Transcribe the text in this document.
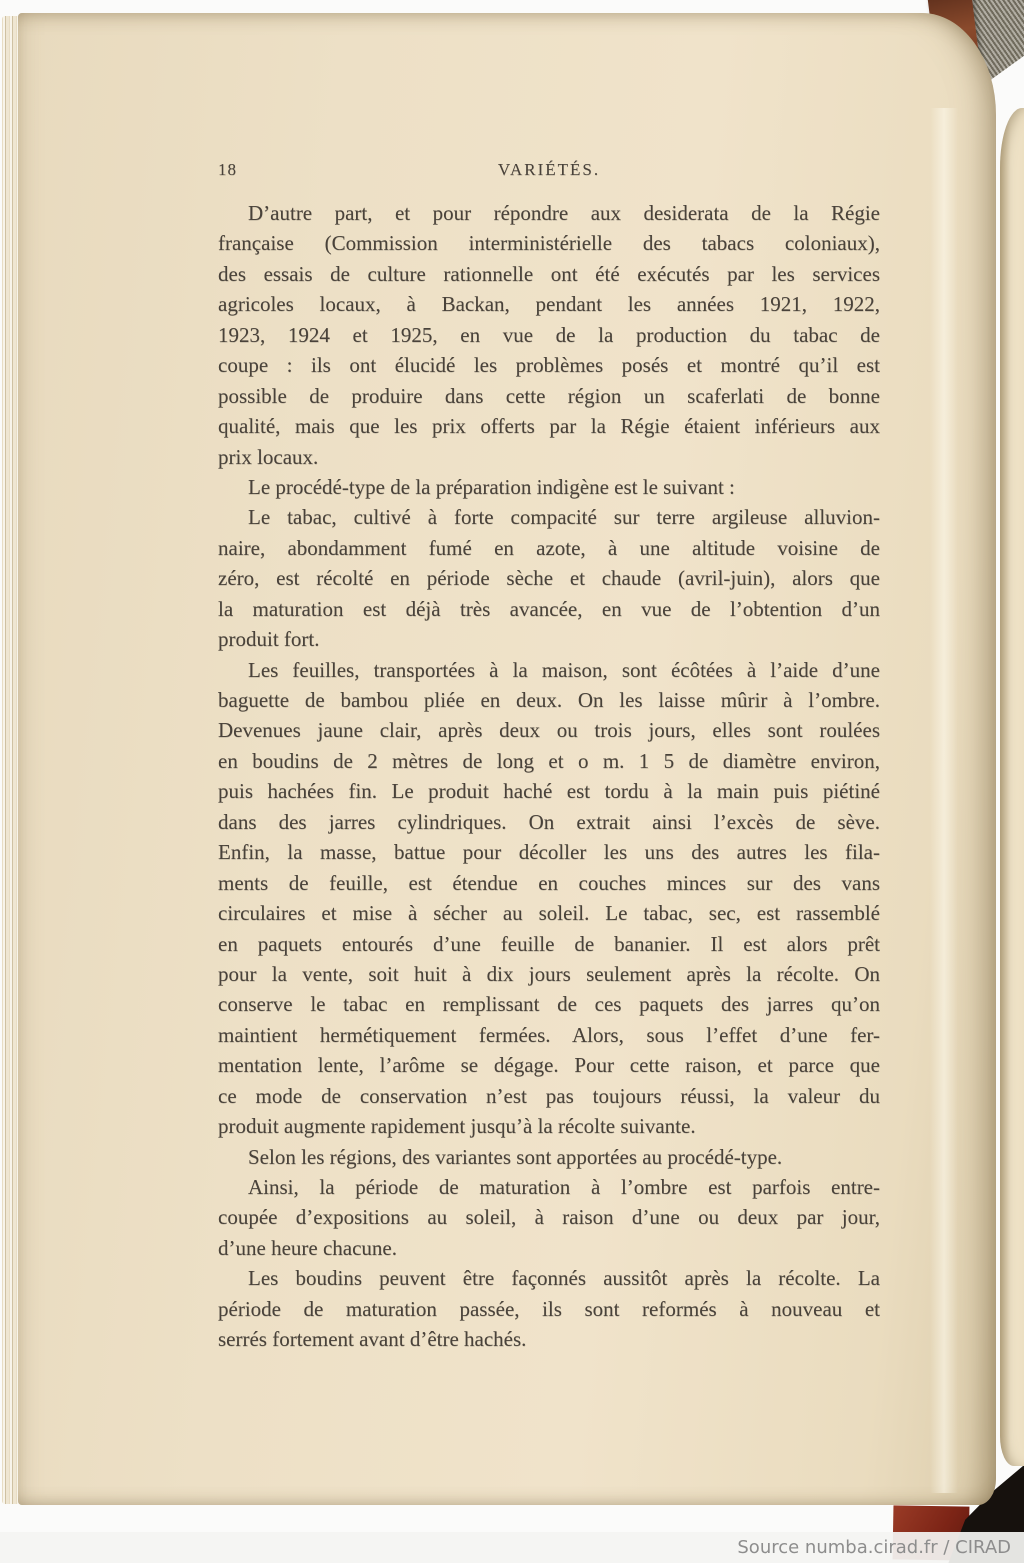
18	VARIÉTÉS.
D’autre part, et pour répondre aux desiderata de la Régie
française (Commission interministérielle des tabacs coloniaux),
des essais de culture rationnelle ont été exécutés par les services
agricoles locaux, à Backan, pendant les années 1921, 1922,
1923, 1924 et 1925, en vue de la production du tabac de
coupe : ils ont élucidé les problèmes posés et montré qu’il est
possible de produire dans cette région un scaferlati de bonne
qualité, mais que les prix offerts par la Régie étaient inférieurs aux
prix locaux.
Le procédé-type de la préparation indigène est le suivant :
Le tabac, cultivé à forte compacité sur terre argileuse alluvion-
naire, abondamment fumé en azote, à une altitude voisine de
zéro, est récolté en période sèche et chaude (avril-juin), alors que
la maturation est déjà très avancée, en vue de l’obtention d’un
produit fort.
Les feuilles, transportées à la maison, sont écôtées à l’aide d’une
baguette de bambou pliée en deux. On les laisse mûrir à l’ombre.
Devenues jaune clair, après deux ou trois jours, elles sont roulées
en boudins de 2 mètres de long et o m. 1 5 de diamètre environ,
puis hachées fin. Le produit haché est tordu à la main puis piétiné
dans des jarres cylindriques. On extrait ainsi l’excès de sève.
Enfin, la masse, battue pour décoller les uns des autres les fila-
ments de feuille, est étendue en couches minces sur des vans
circulaires et mise à sécher au soleil. Le tabac, sec, est rassemblé
en paquets entourés d’une feuille de bananier. Il est alors prêt
pour la vente, soit huit à dix jours seulement après la récolte. On
conserve le tabac en remplissant de ces paquets des jarres qu’on
maintient hermétiquement fermées. Alors, sous l’effet d’une fer-
mentation lente, l’arôme se dégage. Pour cette raison, et parce que
ce mode de conservation n’est pas toujours réussi, la valeur du
produit augmente rapidement jusqu’à la récolte suivante.
Selon les régions, des variantes sont apportées au procédé-type.
Ainsi, la période de maturation à l’ombre est parfois entre-
coupée d’expositions au soleil, à raison d’une ou deux par jour,
d’une heure chacune.
Les boudins peuvent être façonnés aussitôt après la récolte. La
période de maturation passée, ils sont reformés à nouveau et
serrés fortement avant d’être hachés.
Source numba.cirad.fr / CIRAD
